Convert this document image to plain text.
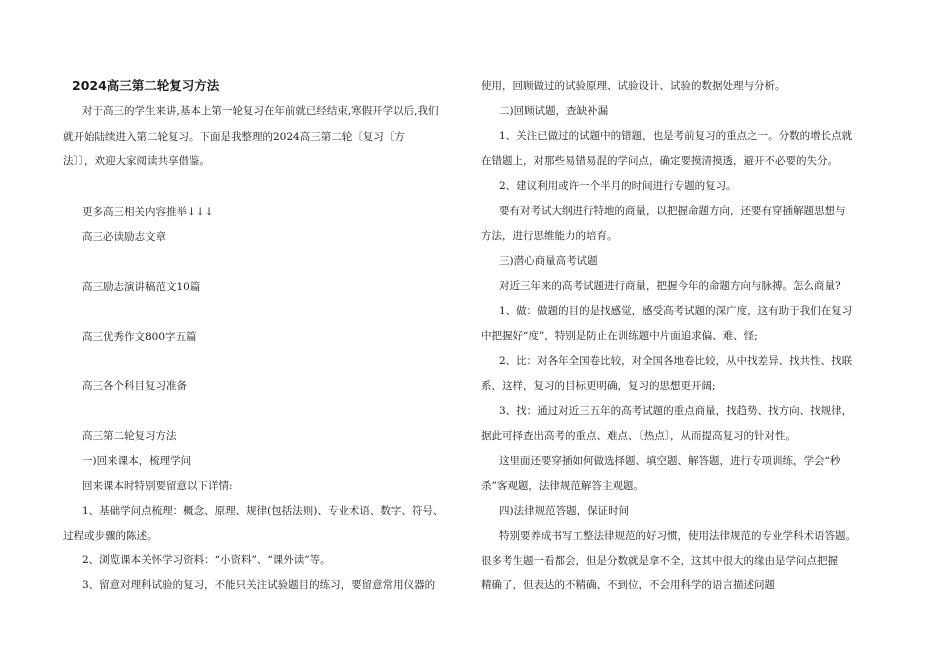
2024高三第二轮复习方法
对于高三的学生来讲,基本上第一轮复习在年前就已经结束,寒假开学以后,我们
就开始陆续进入第二轮复习。下面是我整理的2024高三第二轮〔复习〔方
法〕〕，欢迎大家阅读共享借鉴。
更多高三相关内容推举↓↓↓
高三必读励志文章
高三励志演讲稿范文10篇
高三优秀作文800字五篇
高三各个科目复习准备
高三第二轮复习方法
一)回来课本，梳理学问
回来课本时特别要留意以下详情:
1、基础学问点梳理：概念、原理、规律(包括法则)、专业术语、数字、符号、
过程或步骤的陈述。
2、浏览课本关怀学习资料：“小资料”、“课外读”等。
3、留意对理科试验的复习，不能只关注试验题目的练习，要留意常用仪器的
使用，回顾做过的试验原理、试验设计、试验的数据处理与分析。
二)回顾试题，查缺补漏
1、关注已做过的试题中的错题，也是考前复习的重点之一。分数的增长点就
在错题上，对那些易错易混的学问点，确定要摸清摸透，避开不必要的失分。
2、建议利用或许一个半月的时间进行专题的复习。
要有对考试大纲进行特地的商量，以把握命题方向，还要有穿插解题思想与
方法，进行思维能力的培育。
三)潜心商量高考试题
对近三年来的高考试题进行商量，把握今年的命题方向与脉搏。怎么商量?
1、做：做题的目的是找感觉，感受高考试题的深广度，这有助于我们在复习
中把握好“度”，特别是防止在训练题中片面追求偏、难、怪;
2、比：对各年全国卷比较，对全国各地卷比较，从中找差异、找共性、找联
系，这样，复习的目标更明确，复习的思想更开阔;
3、找：通过对近三五年的高考试题的重点商量，找趋势、找方向、找规律，
据此可择查出高考的重点、难点、〔热点〕，从而提高复习的针对性。
这里面还要穿插如何做选择题、填空题、解答题，进行专项训练，学会“秒
杀”客观题，法律规范解答主观题。
四)法律规范答题，保证时间
特别要养成书写工整法律规范的好习惯，使用法律规范的专业学科术语答题。
很多考生题一看都会，但是分数就是拿不全，这其中很大的缘由是学问点把握
精确了，但表达的不精确、不到位，不会用科学的语言描述问题
